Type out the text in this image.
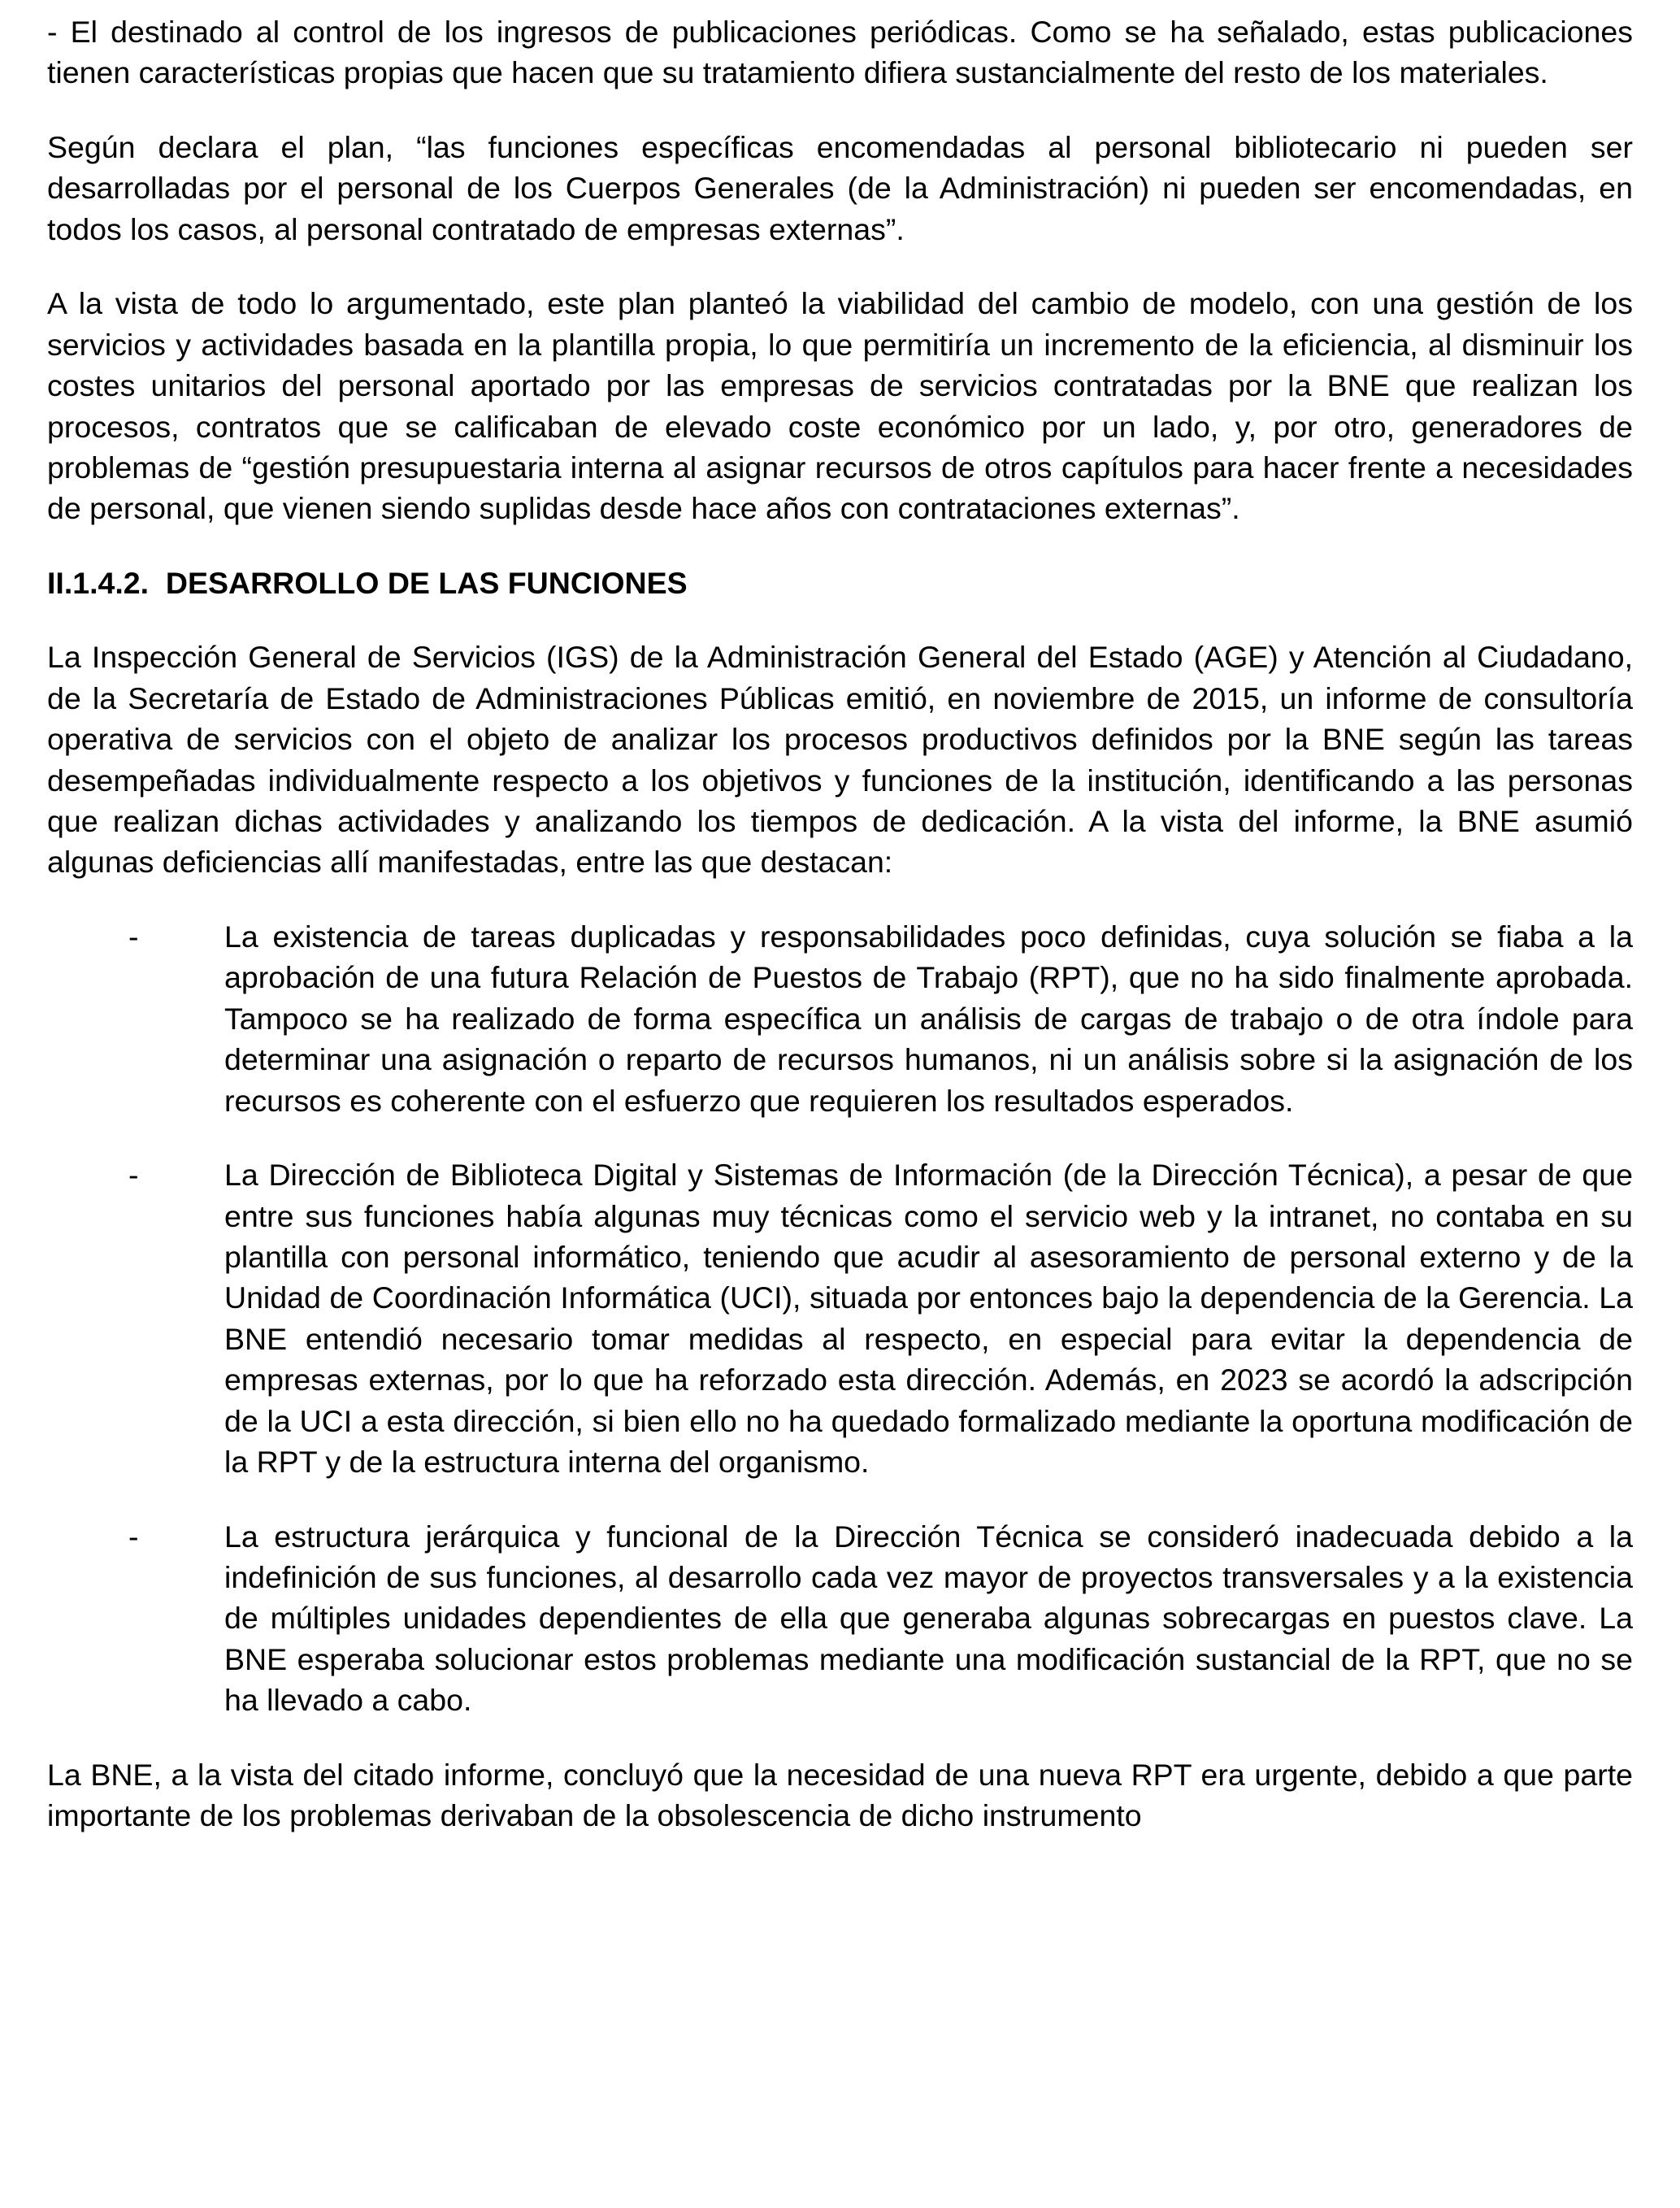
- El destinado al control de los ingresos de publicaciones periódicas. Como se ha señalado, estas publicaciones tienen características propias que hacen que su tratamiento difiera sustancialmente del resto de los materiales.

Según declara el plan, “las funciones específicas encomendadas al personal bibliotecario ni pueden ser desarrolladas por el personal de los Cuerpos Generales (de la Administración) ni pueden ser encomendadas, en todos los casos, al personal contratado de empresas externas”.

A la vista de todo lo argumentado, este plan planteó la viabilidad del cambio de modelo, con una gestión de los servicios y actividades basada en la plantilla propia, lo que permitiría un incremento de la eficiencia, al disminuir los costes unitarios del personal aportado por las empresas de servicios contratadas por la BNE que realizan los procesos, contratos que se calificaban de elevado coste económico por un lado, y, por otro, generadores de problemas de “gestión presupuestaria interna al asignar recursos de otros capítulos para hacer frente a necesidades de personal, que vienen siendo suplidas desde hace años con contrataciones externas”.

II.1.4.2.  DESARROLLO DE LAS FUNCIONES

La Inspección General de Servicios (IGS) de la Administración General del Estado (AGE) y Atención al Ciudadano, de la Secretaría de Estado de Administraciones Públicas emitió, en noviembre de 2015, un informe de consultoría operativa de servicios con el objeto de analizar los procesos productivos definidos por la BNE según las tareas desempeñadas individualmente respecto a los objetivos y funciones de la institución, identificando a las personas que realizan dichas actividades y analizando los tiempos de dedicación. A la vista del informe, la BNE asumió algunas deficiencias allí manifestadas, entre las que destacan:

-	La existencia de tareas duplicadas y responsabilidades poco definidas, cuya solución se fiaba a la aprobación de una futura Relación de Puestos de Trabajo (RPT), que no ha sido finalmente aprobada. Tampoco se ha realizado de forma específica un análisis de cargas de trabajo o de otra índole para determinar una asignación o reparto de recursos humanos, ni un análisis sobre si la asignación de los recursos es coherente con el esfuerzo que requieren los resultados esperados.
-	La Dirección de Biblioteca Digital y Sistemas de Información (de la Dirección Técnica), a pesar de que entre sus funciones había algunas muy técnicas como el servicio web y la intranet, no contaba en su plantilla con personal informático, teniendo que acudir al asesoramiento de personal externo y de la Unidad de Coordinación Informática (UCI), situada por entonces bajo la dependencia de la Gerencia. La BNE entendió necesario tomar medidas al respecto, en especial para evitar la dependencia de empresas externas, por lo que ha reforzado esta dirección. Además, en 2023 se acordó la adscripción de la UCI a esta dirección, si bien ello no ha quedado formalizado mediante la oportuna modificación de la RPT y de la estructura interna del organismo.
-	La estructura jerárquica y funcional de la Dirección Técnica se consideró inadecuada debido a la indefinición de sus funciones, al desarrollo cada vez mayor de proyectos transversales y a la existencia de múltiples unidades dependientes de ella que generaba algunas sobrecargas en puestos clave. La BNE esperaba solucionar estos problemas mediante una modificación sustancial de la RPT, que no se ha llevado a cabo.

La BNE, a la vista del citado informe, concluyó que la necesidad de una nueva RPT era urgente, debido a que parte importante de los problemas derivaban de la obsolescencia de dicho instrumento
